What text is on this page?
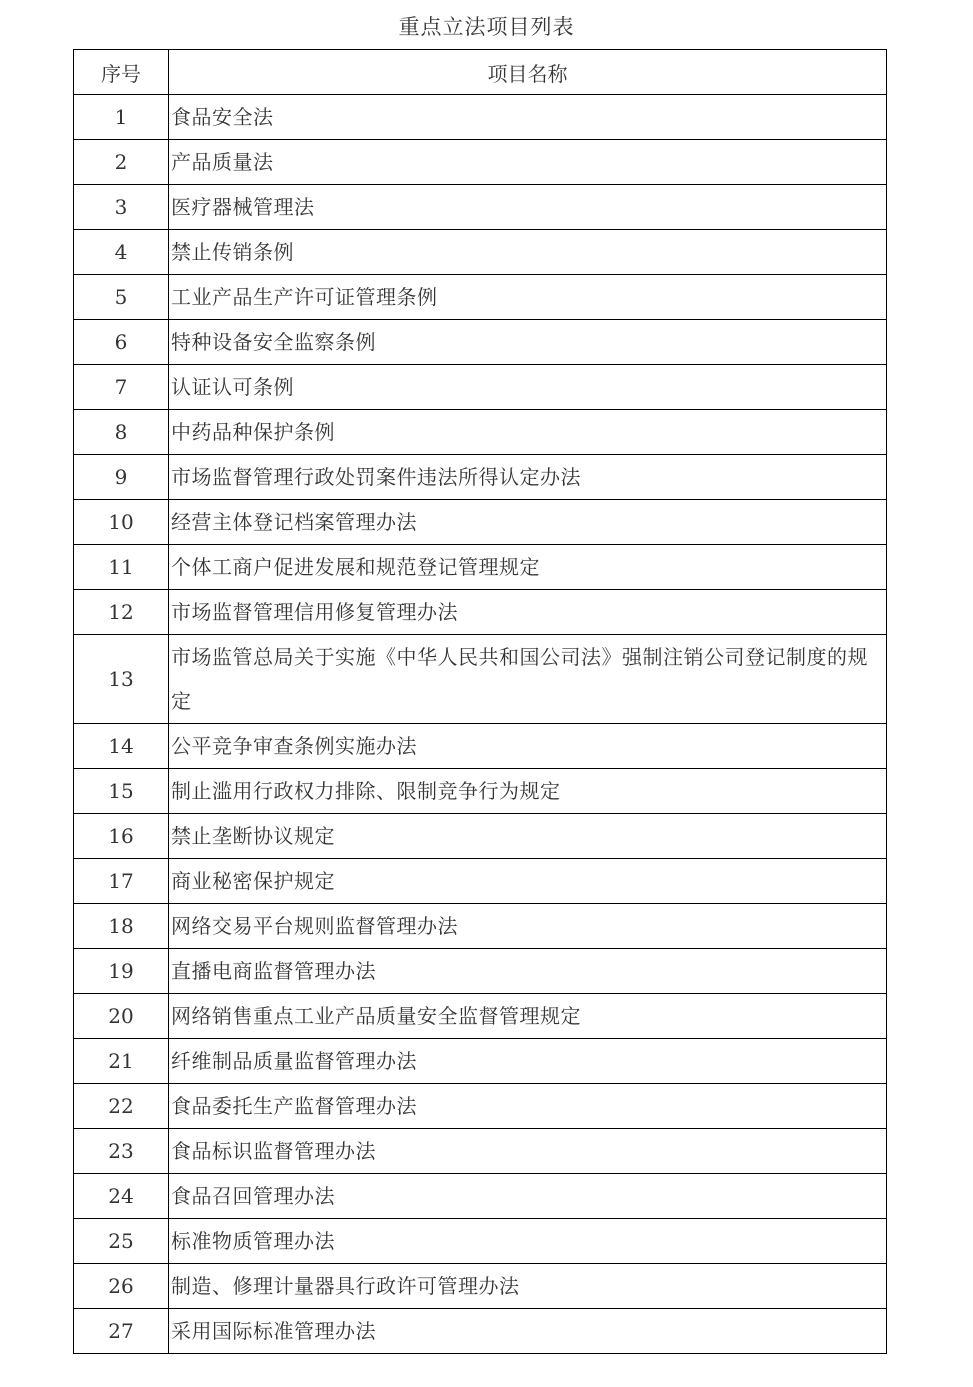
重点立法项目列表
序号	项目名称
1	食品安全法
2	产品质量法
3	医疗器械管理法
4	禁止传销条例
5	工业产品生产许可证管理条例
6	特种设备安全监察条例
7	认证认可条例
8	中药品种保护条例
9	市场监督管理行政处罚案件违法所得认定办法
10	经营主体登记档案管理办法
11	个体工商户促进发展和规范登记管理规定
12	市场监督管理信用修复管理办法
13	市场监管总局关于实施《中华人民共和国公司法》强制注销公司登记制度的规定
14	公平竞争审查条例实施办法
15	制止滥用行政权力排除、限制竞争行为规定
16	禁止垄断协议规定
17	商业秘密保护规定
18	网络交易平台规则监督管理办法
19	直播电商监督管理办法
20	网络销售重点工业产品质量安全监督管理规定
21	纤维制品质量监督管理办法
22	食品委托生产监督管理办法
23	食品标识监督管理办法
24	食品召回管理办法
25	标准物质管理办法
26	制造、修理计量器具行政许可管理办法
27	采用国际标准管理办法
